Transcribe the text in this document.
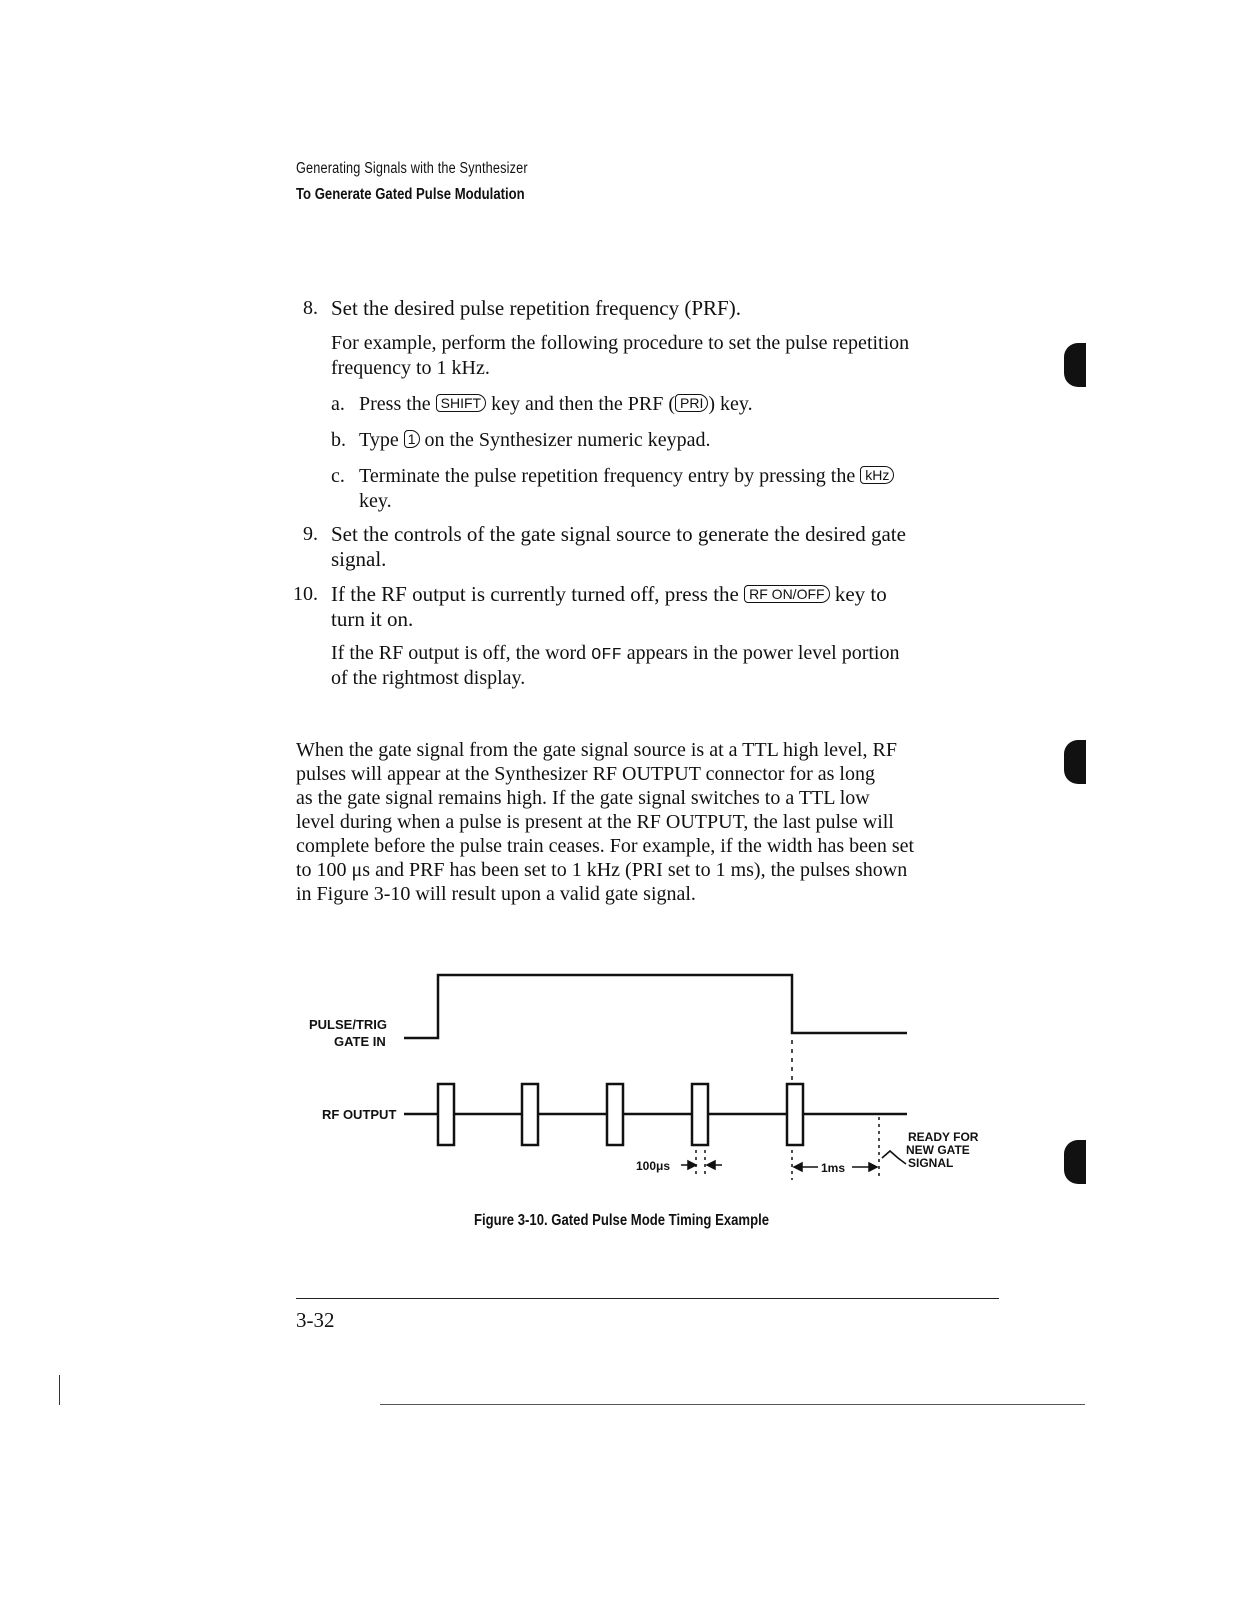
Generating Signals with the Synthesizer
To Generate Gated Pulse Modulation
8. Set the desired pulse repetition frequency (PRF).
For example, perform the following procedure to set the pulse repetition
frequency to 1 kHz.
a. Press the SHIFT key and then the PRF ( PRI ) key.
b. Type 1 on the Synthesizer numeric keypad.
c. Terminate the pulse repetition frequency entry by pressing the kHz
key.
9. Set the controls of the gate signal source to generate the desired gate
signal.
10. If the RF output is currently turned off, press the RF ON/OFF key to
turn it on.
If the RF output is off, the word OFF appears in the power level portion
of the rightmost display.
When the gate signal from the gate signal source is at a TTL high level, RF
pulses will appear at the Synthesizer RF OUTPUT connector for as long
as the gate signal remains high. If the gate signal switches to a TTL low
level during when a pulse is present at the RF OUTPUT, the last pulse will
complete before the pulse train ceases. For example, if the width has been set
to 100 μs and PRF has been set to 1 kHz (PRI set to 1 ms), the pulses shown
in Figure 3-10 will result upon a valid gate signal.
PULSE/TRIG
GATE IN
RF OUTPUT
100μs	1ms
READY FOR
NEW GATE
SIGNAL
Figure 3-10. Gated Pulse Mode Timing Example
3-32
